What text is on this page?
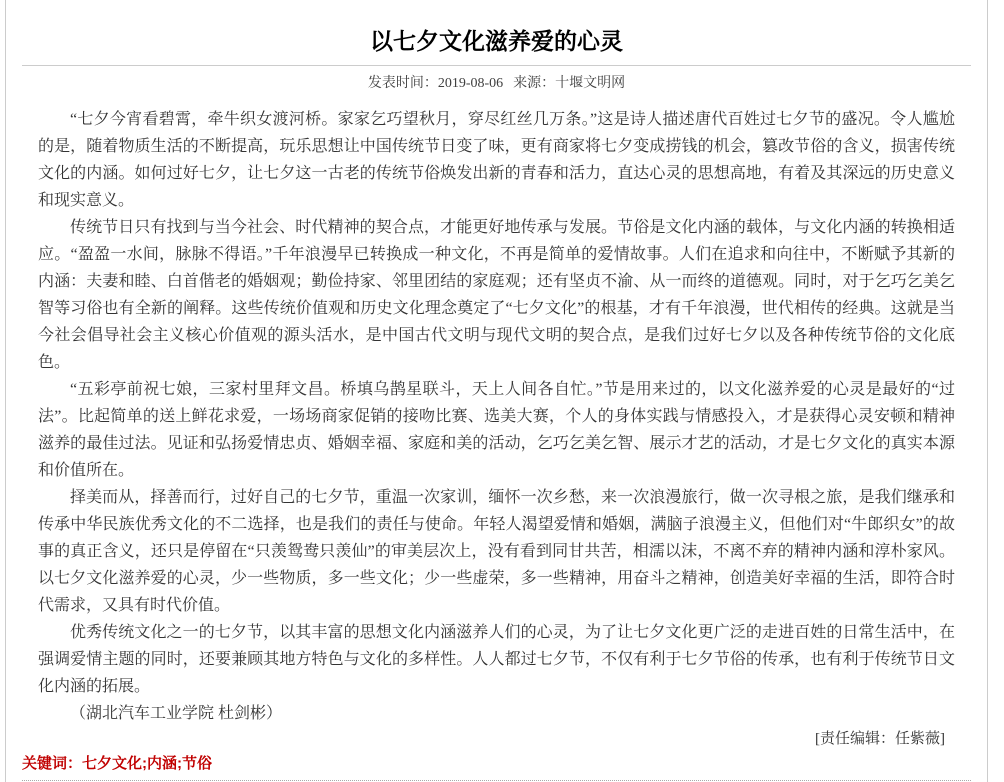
以七夕文化滋养爱的心灵
发表时间：2019-08-06 来源：十堰文明网

“七夕今宵看碧霄，牵牛织女渡河桥。家家乞巧望秋月，穿尽红丝几万条。”这是诗人描述唐代百姓过七夕节的盛况。令人尴尬的是，随着物质生活的不断提高，玩乐思想让中国传统节日变了味，更有商家将七夕变成捞钱的机会，篡改节俗的含义，损害传统文化的内涵。如何过好七夕，让七夕这一古老的传统节俗焕发出新的青春和活力，直达心灵的思想高地，有着及其深远的历史意义和现实意义。

传统节日只有找到与当今社会、时代精神的契合点，才能更好地传承与发展。节俗是文化内涵的载体，与文化内涵的转换相适应。“盈盈一水间，脉脉不得语。”千年浪漫早已转换成一种文化，不再是简单的爱情故事。人们在追求和向往中，不断赋予其新的内涵：夫妻和睦、白首偕老的婚姻观；勤俭持家、邻里团结的家庭观；还有坚贞不渝、从一而终的道德观。同时，对于乞巧乞美乞智等习俗也有全新的阐释。这些传统价值观和历史文化理念奠定了“七夕文化”的根基，才有千年浪漫，世代相传的经典。这就是当今社会倡导社会主义核心价值观的源头活水，是中国古代文明与现代文明的契合点，是我们过好七夕以及各种传统节俗的文化底色。

“五彩亭前祝七娘，三家村里拜文昌。桥填乌鹊星联斗，天上人间各自忙。”节是用来过的，以文化滋养爱的心灵是最好的“过法”。比起简单的送上鲜花求爱，一场场商家促销的接吻比赛、选美大赛，个人的身体实践与情感投入，才是获得心灵安顿和精神滋养的最佳过法。见证和弘扬爱情忠贞、婚姻幸福、家庭和美的活动，乞巧乞美乞智、展示才艺的活动，才是七夕文化的真实本源和价值所在。

择美而从，择善而行，过好自己的七夕节，重温一次家训，缅怀一次乡愁，来一次浪漫旅行，做一次寻根之旅，是我们继承和传承中华民族优秀文化的不二选择，也是我们的责任与使命。年轻人渴望爱情和婚姻，满脑子浪漫主义，但他们对“牛郎织女”的故事的真正含义，还只是停留在“只羡鸳鸯只羡仙”的审美层次上，没有看到同甘共苦，相濡以沫，不离不弃的精神内涵和淳朴家风。以七夕文化滋养爱的心灵，少一些物质，多一些文化；少一些虚荣，多一些精神，用奋斗之精神，创造美好幸福的生活，即符合时代需求，又具有时代价值。

优秀传统文化之一的七夕节，以其丰富的思想文化内涵滋养人们的心灵，为了让七夕文化更广泛的走进百姓的日常生活中，在强调爱情主题的同时，还要兼顾其地方特色与文化的多样性。人人都过七夕节，不仅有利于七夕节俗的传承，也有利于传统节日文化内涵的拓展。

（湖北汽车工业学院 杜剑彬）

[责任编辑：任紫薇]
关键词：七夕文化;内涵;节俗
